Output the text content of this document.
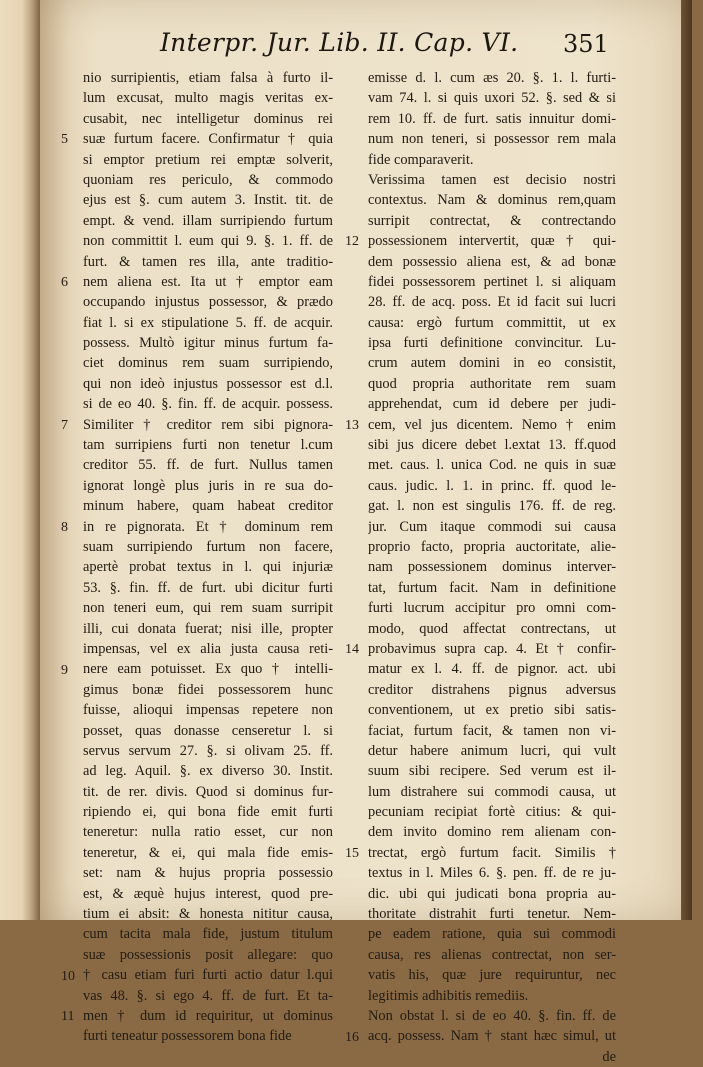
Interpr. Jur. Lib. II. Cap. VI.	351
nio surripientis, etiam falsa à furto il-
lum excusat, multo magis veritas ex-
cusabit, nec intelligetur dominus rei
suæ furtum facere. Confirmatur † quia
si emptor pretium rei emptæ solverit,
quoniam res periculo, & commodo
ejus est §. cum autem 3. Instit. tit. de
empt. & vend. illam surripiendo furtum
non committit l. eum qui 9. §. 1. ff. de
furt. & tamen res illa, ante traditio-
nem aliena est. Ita ut † emptor eam
occupando injustus possessor, & prædo
fiat l. si ex stipulatione 5. ff. de acquir.
possess. Multò igitur minus furtum fa-
ciet dominus rem suam surripiendo,
qui non ideò injustus possessor est d.l.
si de eo 40. §. fin. ff. de acquir. possess.
Similiter † creditor rem sibi pignora-
tam surripiens furti non tenetur l.cum
creditor 55. ff. de furt. Nullus tamen
ignorat longè plus juris in re sua do-
minum habere, quam habeat creditor
in re pignorata. Et † dominum rem
suam surripiendo furtum non facere,
apertè probat textus in l. qui injuriæ
53. §. fin. ff. de furt. ubi dicitur furti
non teneri eum, qui rem suam surripit
illi, cui donata fuerat; nisi ille, propter
impensas, vel ex alia justa causa reti-
nere eam potuisset. Ex quo † intelli-
gimus bonæ fidei possessorem hunc
fuisse, alioqui impensas repetere non
posset, quas donasse censeretur l. si
servus servum 27. §. si olivam 25. ff.
ad leg. Aquil. §. ex diverso 30. Instit.
tit. de rer. divis. Quod si dominus fur-
ripiendo ei, qui bona fide emit furti
teneretur: nulla ratio esset, cur non
teneretur, & ei, qui mala fide emis-
set: nam & hujus propria possessio
est, & æquè hujus interest, quod pre-
tium ei absit: & honesta nititur causa,
cum tacita mala fide, justum titulum
suæ possessionis posit allegare: quo
† casu etiam furi furti actio datur l.qui
vas 48. §. si ego 4. ff. de furt. Et ta-
men † dum id requiritur, ut dominus
furti teneatur possessorem bona fide
5
6
7
8
9
10
11
emisse d. l. cum æs 20. §. 1. l. furti-
vam 74. l. si quis uxori 52. §. sed & si
rem 10. ff. de furt. satis innuitur domi-
num non teneri, si possessor rem mala
fide comparaverit.
Verissima tamen est decisio nostri
contextus. Nam & dominus rem,quam
surripit contrectat, & contrectando
possessionem intervertit, quæ † qui-
dem possessio aliena est, & ad bonæ
fidei possessorem pertinet l. si aliquam
28. ff. de acq. poss. Et id facit sui lucri
causa: ergò furtum committit, ut ex
ipsa furti definitione convincitur. Lu-
crum autem domini in eo consistit,
quod propria authoritate rem suam
apprehendat, cum id debere per judi-
cem, vel jus dicentem. Nemo † enim
sibi jus dicere debet l.extat 13. ff.quod
met. caus. l. unica Cod. ne quis in suæ
caus. judic. l. 1. in princ. ff. quod le-
gat. l. non est singulis 176. ff. de reg.
jur. Cum itaque commodi sui causa
proprio facto, propria auctoritate, alie-
nam possessionem dominus interver-
tat, furtum facit. Nam in definitione
furti lucrum accipitur pro omni com-
modo, quod affectat contrectans, ut
probavimus supra cap. 4. Et † confir-
matur ex l. 4. ff. de pignor. act. ubi
creditor distrahens pignus adversus
conventionem, ut ex pretio sibi satis-
faciat, furtum facit, & tamen non vi-
detur habere animum lucri, qui vult
suum sibi recipere. Sed verum est il-
lum distrahere sui commodi causa, ut
pecuniam recipiat fortè citius: & qui-
dem invito domino rem alienam con-
trectat, ergò furtum facit. Similis †
textus in l. Miles 6. §. pen. ff. de re ju-
dic. ubi qui judicati bona propria au-
thoritate distrahit furti tenetur. Nem-
pe eadem ratione, quia sui commodi
causa, res alienas contrectat, non ser-
vatis his, quæ jure requiruntur, nec
legitimis adhibitis remediis.
Non obstat l. si de eo 40. §. fin. ff. de
acq. possess. Nam † stant hæc simul, ut
de
12
13
14
15
16
